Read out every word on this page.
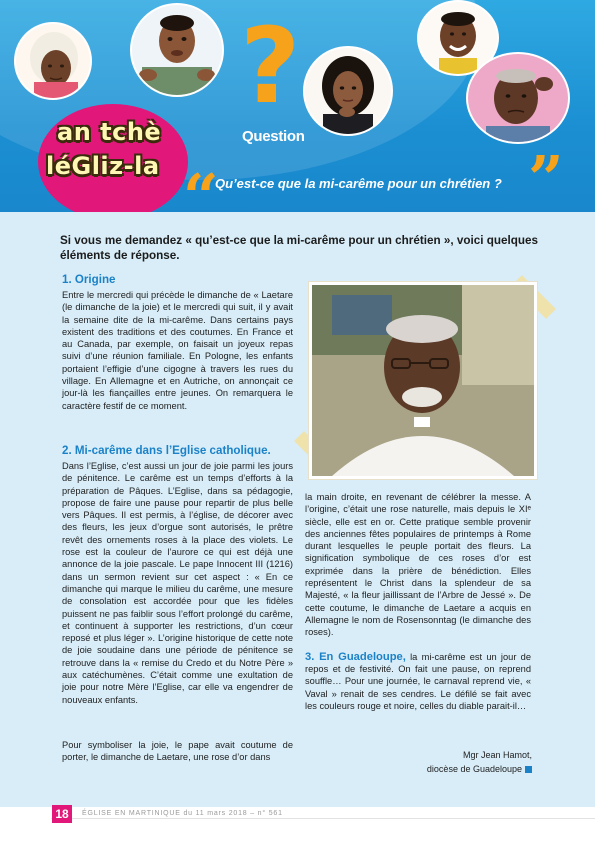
?
Question
an tchè
léGliz-la “
Qu’est-ce que la mi-carême pour un chrétien ? ”
Si vous me demandez « qu’est-ce que la mi-carême pour un chrétien », voici quelques éléments de réponse.
1. Origine
Entre le mercredi qui précède le dimanche de « Laetare (le dimanche de la joie) et le mercredi qui suit, il y avait la semaine dite de la mi-carême. Dans certains pays existent des traditions et des coutumes. En France et au Canada, par exemple, on faisait un joyeux repas suivi d’une réunion familiale. En Pologne, les enfants portaient l’effigie d’une cigogne à travers les rues du village. En Allemagne et en Autriche, on annonçait ce jour-là les fiançailles entre jeunes. On remarquera le caractère festif de ce moment.
2. Mi-carême dans l’Eglise catholique.
Dans l’Eglise, c’est aussi un jour de joie parmi les jours de pénitence. Le carême est un temps d’efforts à la préparation de Pâques. L’Eglise, dans sa pédagogie, propose de faire une pause pour repartir de plus belle vers Pâques. Il est permis, à l’église, de décorer avec des fleurs, les jeux d’orgue sont autorisés, le prêtre revêt des ornements roses à la place des violets. Le rose est la couleur de l’aurore ce qui est déjà une annonce de la joie pascale. Le pape Innocent III (1216) dans un sermon revient sur cet aspect : « En ce dimanche qui marque le milieu du carême, une mesure de consolation est accordée pour que les fidèles puissent ne pas faiblir sous l’effort prolongé du carême, et continuent à supporter les restrictions, d’un cœur reposé et plus léger ». L’origine historique de cette note de joie soudaine dans une période de pénitence se retrouve dans la « remise du Credo et du Notre Père » aux catéchumènes. C’était comme une exultation de joie pour notre Mère l’Eglise, car elle va engendrer de nouveaux enfants.
Pour symboliser la joie, le pape avait coutume de porter, le dimanche de Laetare, une rose d’or dans
la main droite, en revenant de célébrer la messe. A l’origine, c’était une rose naturelle, mais depuis le XIᵉ siècle, elle est en or. Cette pratique semble provenir des anciennes fêtes populaires de printemps à Rome durant lesquelles le peuple portait des fleurs. La signification symbolique de ces roses d’or est exprimée dans la prière de bénédiction. Elles représentent le Christ dans la splendeur de sa Majesté, « la fleur jaillissant de l’Arbre de Jessé ». De cette coutume, le dimanche de Laetare a acquis en Allemagne le nom de Rosensonntag (le dimanche des roses).

3. En Guadeloupe, la mi-carême est un jour de repos et de festivité. On fait une pause, on reprend souffle… Pour une journée, le carnaval reprend vie, « Vaval » renait de ses cendres. Le défilé se fait avec les couleurs rouge et noire, celles du diable parait-il…
Mgr Jean Hamot,
diocèse de Guadeloupe
18	ÉGLISE EN MARTINIQUE du 11 mars 2018 – n° 561
